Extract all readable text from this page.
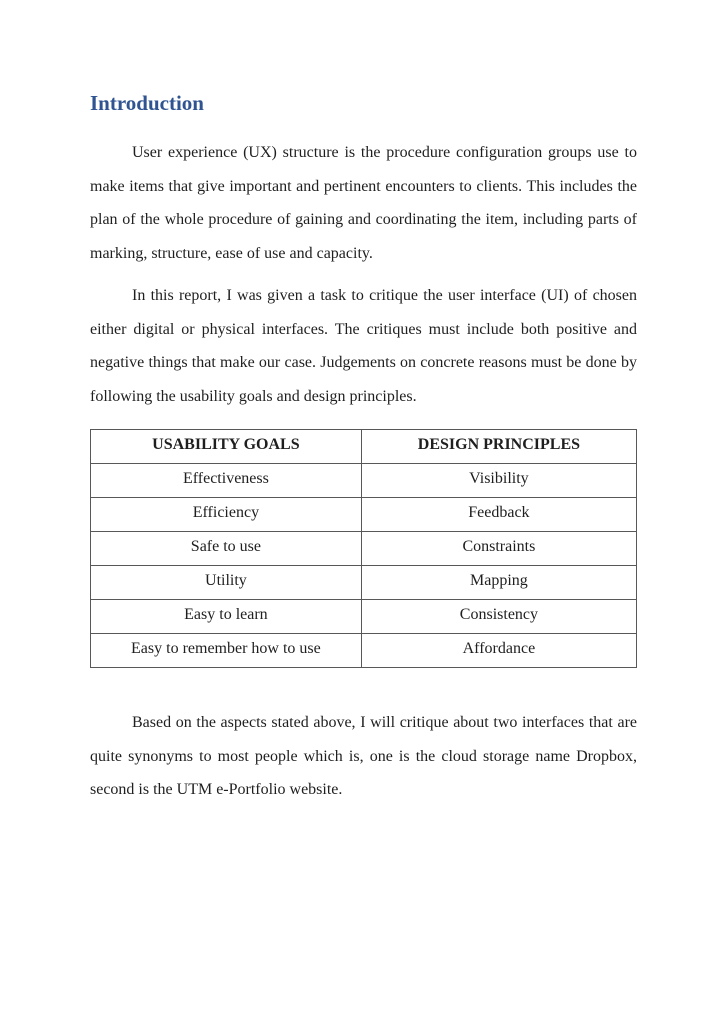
Introduction

User experience (UX) structure is the procedure configuration groups use to make items that give important and pertinent encounters to clients. This includes the plan of the whole procedure of gaining and coordinating the item, including parts of marking, structure, ease of use and capacity.

In this report, I was given a task to critique the user interface (UI) of chosen either digital or physical interfaces. The critiques must include both positive and negative things that make our case. Judgements on concrete reasons must be done by following the usability goals and design principles.

USABILITY GOALS	DESIGN PRINCIPLES
Effectiveness	Visibility
Efficiency	Feedback
Safe to use	Constraints
Utility	Mapping
Easy to learn	Consistency
Easy to remember how to use	Affordance

Based on the aspects stated above, I will critique about two interfaces that are quite synonyms to most people which is, one is the cloud storage name Dropbox, second is the UTM e-Portfolio website.
